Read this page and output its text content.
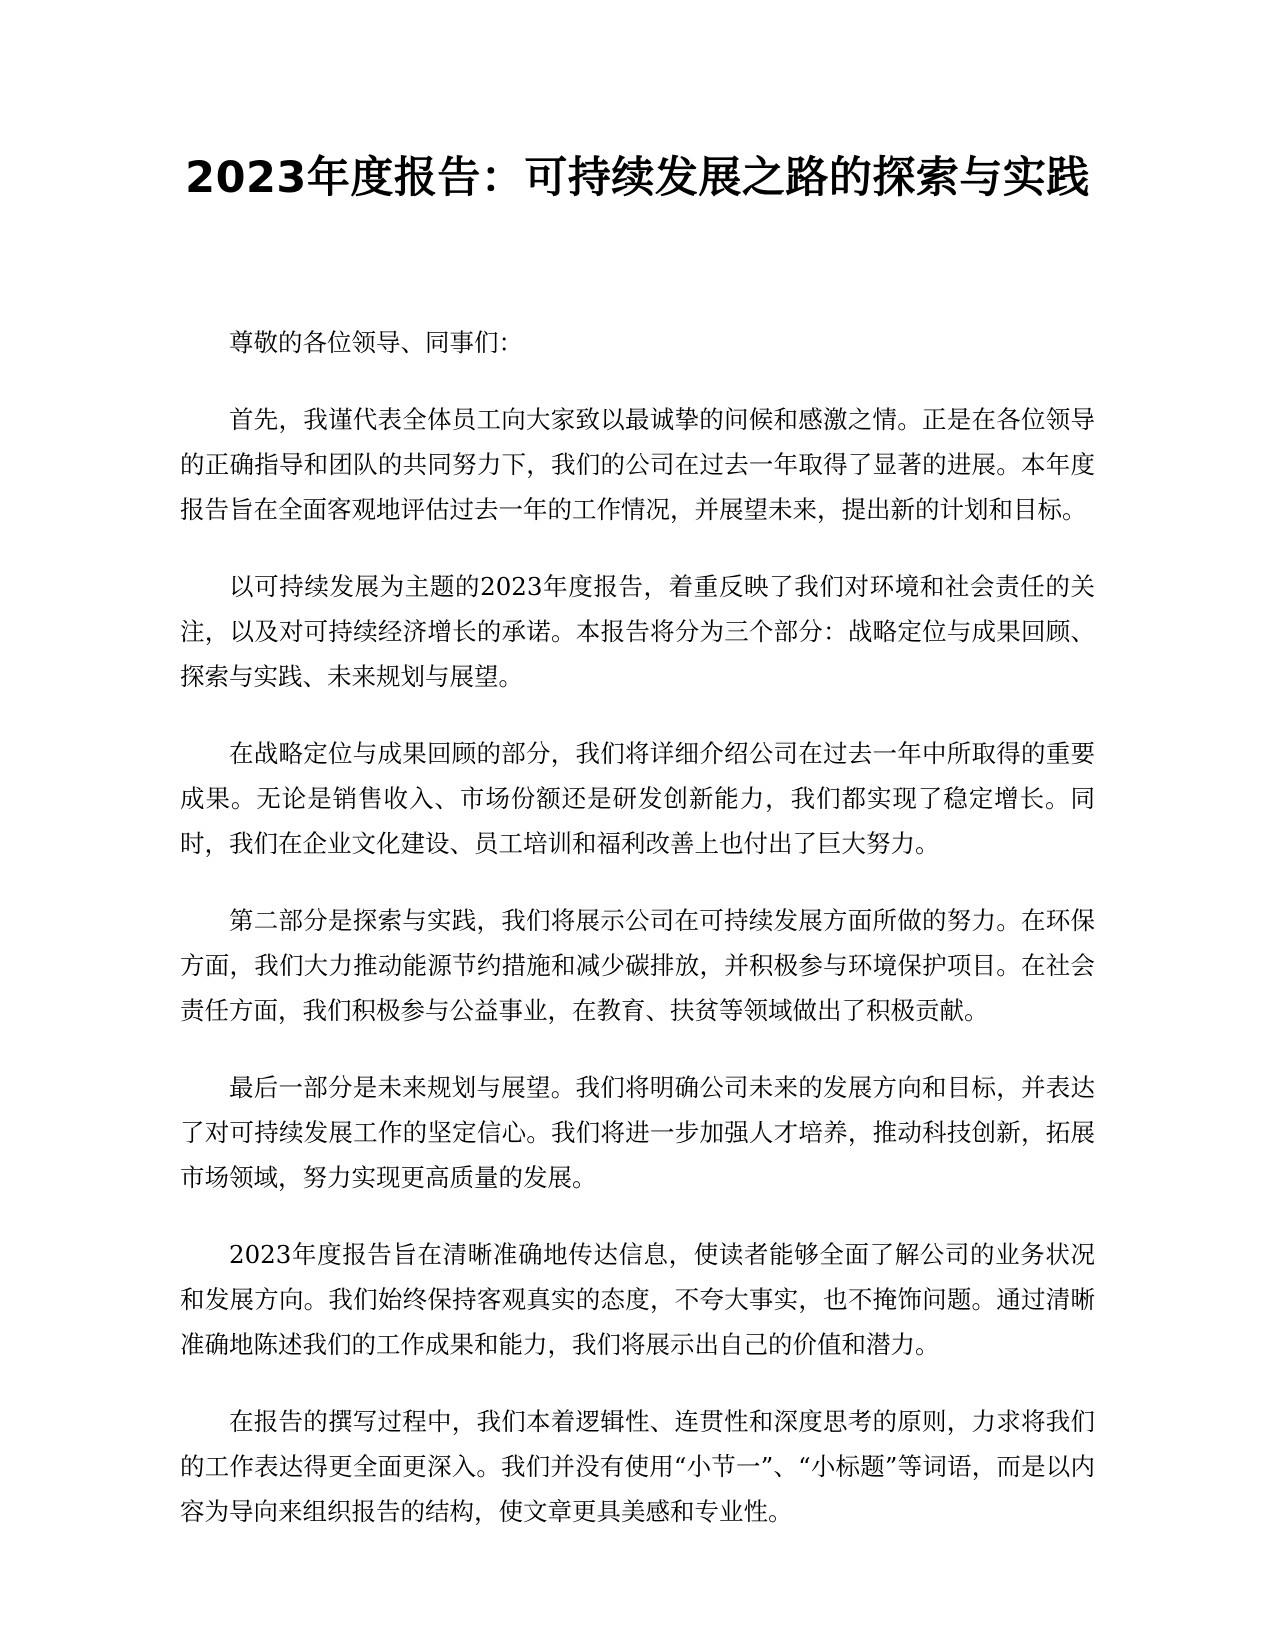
2023年度报告：可持续发展之路的探索与实践

尊敬的各位领导、同事们：

首先，我谨代表全体员工向大家致以最诚挚的问候和感激之情。正是在各位领导的正确指导和团队的共同努力下，我们的公司在过去一年取得了显著的进展。本年度报告旨在全面客观地评估过去一年的工作情况，并展望未来，提出新的计划和目标。

以可持续发展为主题的2023年度报告，着重反映了我们对环境和社会责任的关注，以及对可持续经济增长的承诺。本报告将分为三个部分：战略定位与成果回顾、探索与实践、未来规划与展望。

在战略定位与成果回顾的部分，我们将详细介绍公司在过去一年中所取得的重要成果。无论是销售收入、市场份额还是研发创新能力，我们都实现了稳定增长。同时，我们在企业文化建设、员工培训和福利改善上也付出了巨大努力。

第二部分是探索与实践，我们将展示公司在可持续发展方面所做的努力。在环保方面，我们大力推动能源节约措施和减少碳排放，并积极参与环境保护项目。在社会责任方面，我们积极参与公益事业，在教育、扶贫等领域做出了积极贡献。

最后一部分是未来规划与展望。我们将明确公司未来的发展方向和目标，并表达了对可持续发展工作的坚定信心。我们将进一步加强人才培养，推动科技创新，拓展市场领域，努力实现更高质量的发展。

2023年度报告旨在清晰准确地传达信息，使读者能够全面了解公司的业务状况和发展方向。我们始终保持客观真实的态度，不夸大事实，也不掩饰问题。通过清晰准确地陈述我们的工作成果和能力，我们将展示出自己的价值和潜力。

在报告的撰写过程中，我们本着逻辑性、连贯性和深度思考的原则，力求将我们的工作表达得更全面更深入。我们并没有使用“小节一”、“小标题”等词语，而是以内容为导向来组织报告的结构，使文章更具美感和专业性。
